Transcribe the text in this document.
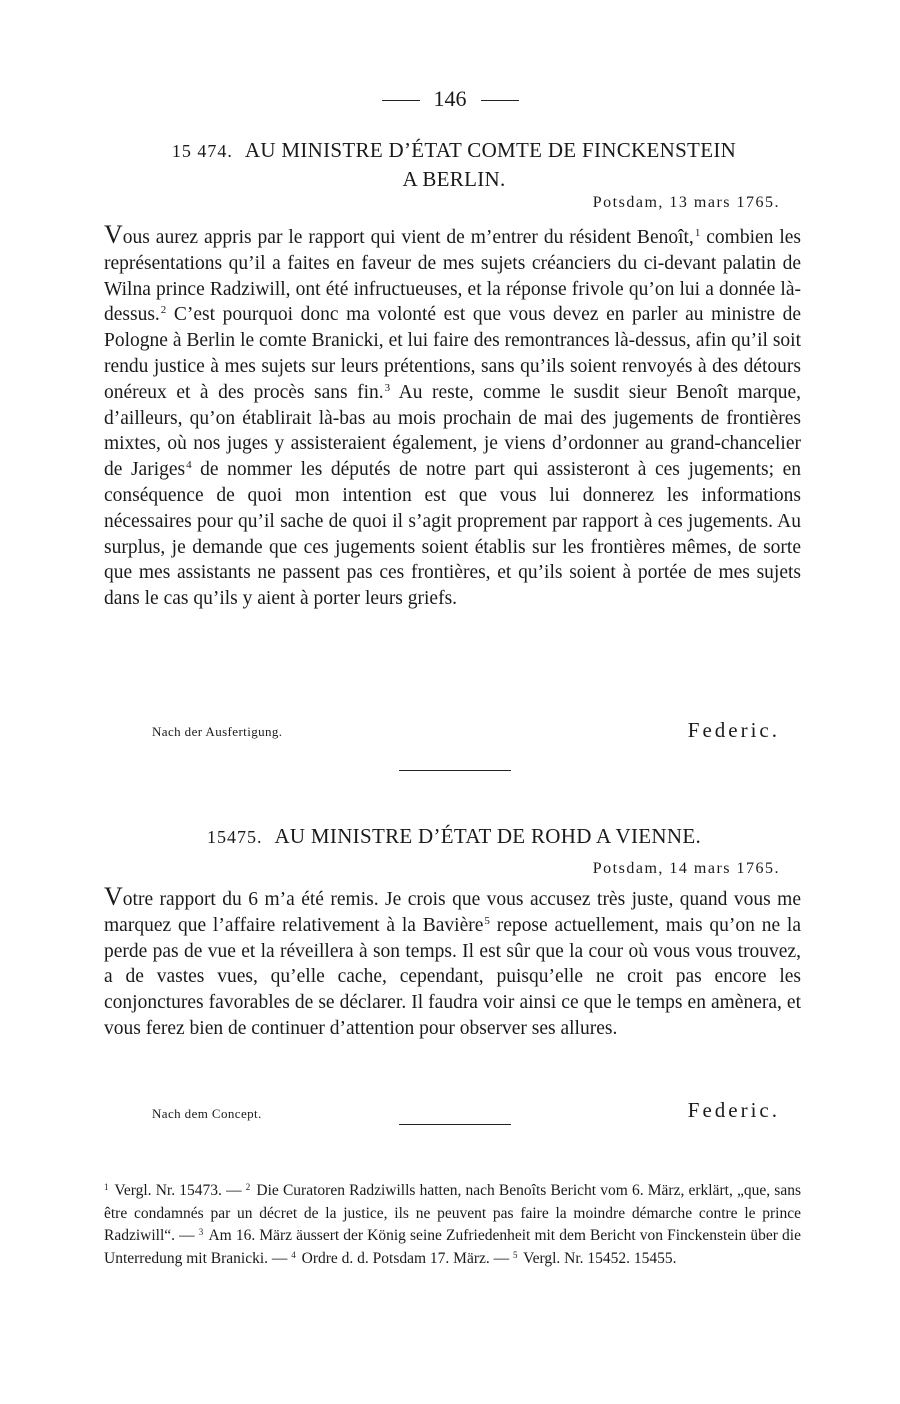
146
15 474. AU MINISTRE D’ÉTAT COMTE DE FINCKENSTEIN
A BERLIN.
Potsdam, 13 mars 1765.
Vous aurez appris par le rapport qui vient de m’entrer du résident Benoît,$^1$ combien les représentations qu’il a faites en faveur de mes sujets créanciers du ci-devant palatin de Wilna prince Radziwill, ont été infructueuses, et la réponse frivole qu’on lui a donnée là-dessus.$^2$ C’est pourquoi donc ma volonté est que vous devez en parler au ministre de Pologne à Berlin le comte Branicki, et lui faire des remontrances là-dessus, afin qu’il soit rendu justice à mes sujets sur leurs prétentions, sans qu’ils soient renvoyés à des détours onéreux et à des procès sans fin.$^3$ Au reste, comme le susdit sieur Benoît marque, d’ailleurs, qu’on établirait là-bas au mois prochain de mai des jugements de frontières mixtes, où nos juges y assisteraient également, je viens d’ordonner au grand-chancelier de Jariges$^4$ de nommer les députés de notre part qui assisteront à ces jugements; en conséquence de quoi mon intention est que vous lui donnerez les informations nécessaires pour qu’il sache de quoi il s’agit proprement par rapport à ces jugements. Au surplus, je demande que ces jugements soient établis sur les frontières mêmes, de sorte que mes assistants ne passent pas ces frontières, et qu’ils soient à portée de mes sujets dans le cas qu’ils y aient à porter leurs griefs.
Nach der Ausfertigung.	Federic.
15475. AU MINISTRE D’ÉTAT DE ROHD A VIENNE.
Potsdam, 14 mars 1765.
Votre rapport du 6 m’a été remis. Je crois que vous accusez très juste, quand vous me marquez que l’affaire relativement à la Bavière$^5$ repose actuellement, mais qu’on ne la perde pas de vue et la réveillera à son temps. Il est sûr que la cour où vous vous trouvez, a de vastes vues, qu’elle cache, cependant, puisqu’elle ne croit pas encore les conjonctures favorables de se déclarer. Il faudra voir ainsi ce que le temps en amènera, et vous ferez bien de continuer d’attention pour observer ses allures.
Nach dem Concept.	Federic.
$^1$ Vergl. Nr. 15473. — $^2$ Die Curatoren Radziwills hatten, nach Benoîts Bericht vom 6. März, erklärt, „que, sans être condamnés par un décret de la justice, ils ne peuvent pas faire la moindre démarche contre le prince Radziwill“. — $^3$ Am 16. März äussert der König seine Zufriedenheit mit dem Bericht von Finckenstein über die Unterredung mit Branicki. — $^4$ Ordre d. d. Potsdam 17. März. — $^5$ Vergl. Nr. 15452. 15455.
